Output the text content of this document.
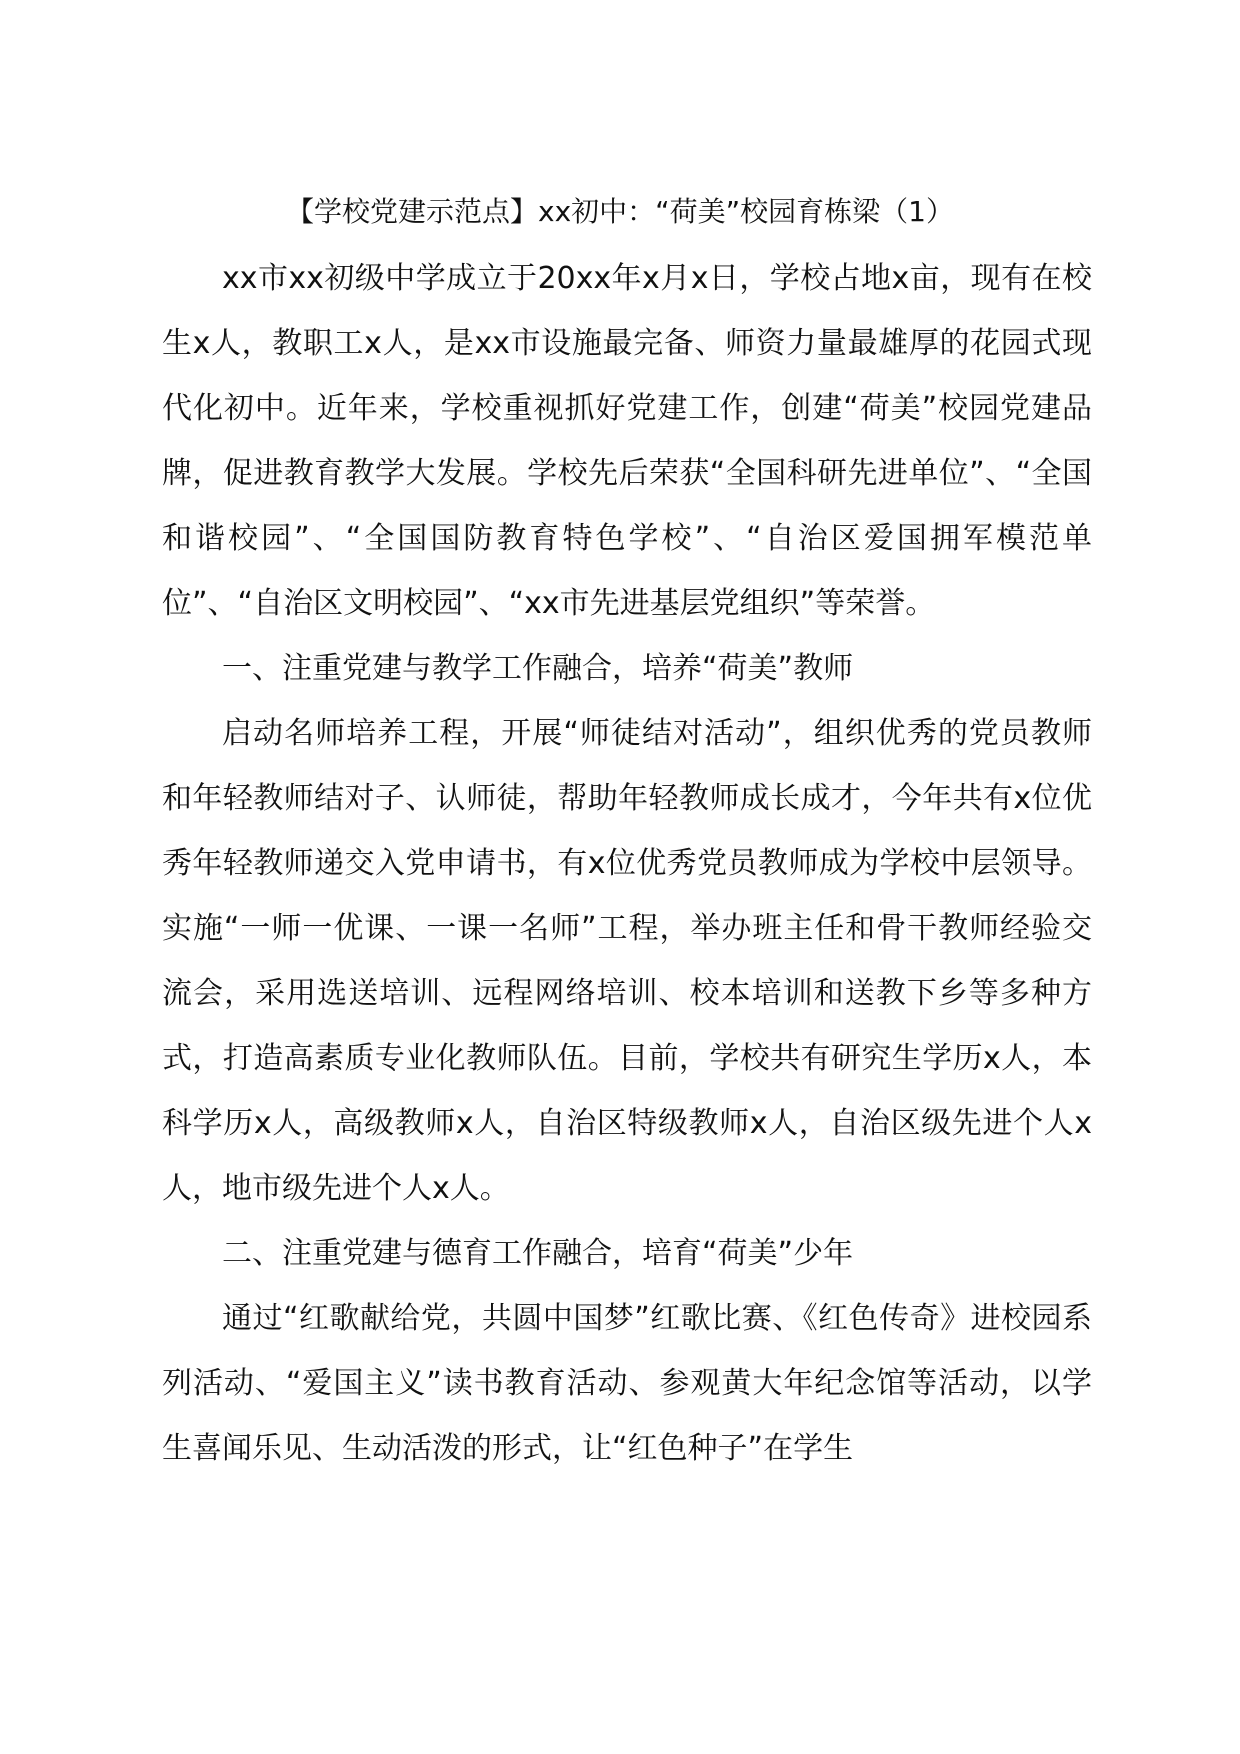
【学校党建示范点】xx初中：“荷美”校园育栋梁（1）

xx市xx初级中学成立于20xx年x月x日，学校占地x亩，现有在校生x人，教职工x人，是xx市设施最完备、师资力量最雄厚的花园式现代化初中。近年来，学校重视抓好党建工作，创建“荷美”校园党建品牌，促进教育教学大发展。学校先后荣获“全国科研先进单位”、“全国和谐校园”、“全国国防教育特色学校”、“自治区爱国拥军模范单位”、“自治区文明校园”、“xx市先进基层党组织”等荣誉。

一、注重党建与教学工作融合，培养“荷美”教师

启动名师培养工程，开展“师徒结对活动”，组织优秀的党员教师和年轻教师结对子、认师徒，帮助年轻教师成长成才，今年共有x位优秀年轻教师递交入党申请书，有x位优秀党员教师成为学校中层领导。实施“一师一优课、一课一名师”工程，举办班主任和骨干教师经验交流会，采用选送培训、远程网络培训、校本培训和送教下乡等多种方式，打造高素质专业化教师队伍。目前，学校共有研究生学历x人，本科学历x人，高级教师x人，自治区特级教师x人，自治区级先进个人x人，地市级先进个人x人。

二、注重党建与德育工作融合，培育“荷美”少年

通过“红歌献给党，共圆中国梦”红歌比赛、《红色传奇》进校园系列活动、“爱国主义”读书教育活动、参观黄大年纪念馆等活动，以学生喜闻乐见、生动活泼的形式，让“红色种子”在学生
